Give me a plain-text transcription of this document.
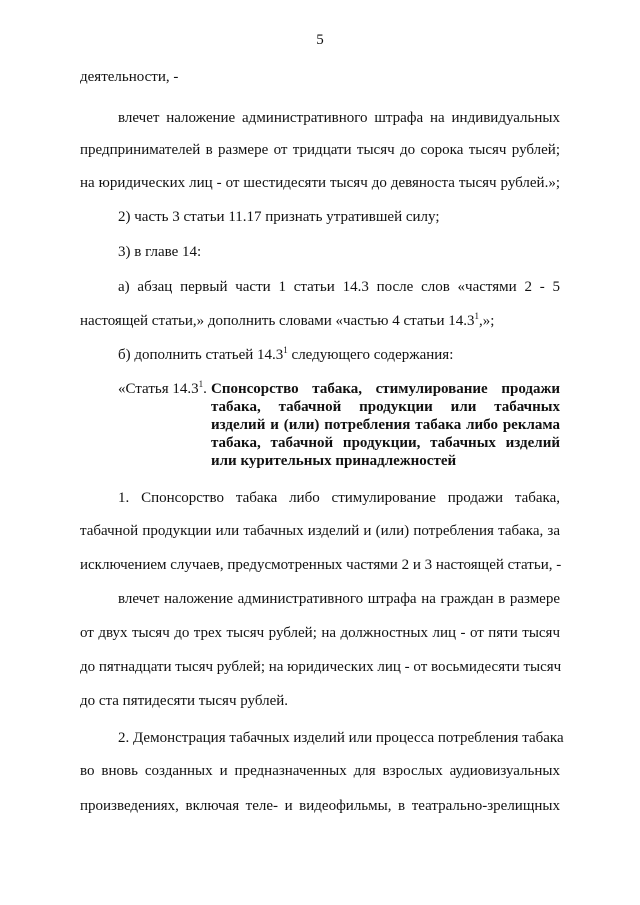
5
деятельности, -
влечет наложение административного штрафа на индивидуальных
предпринимателей в размере от тридцати тысяч до сорока тысяч рублей;
на юридических лиц - от шестидесяти тысяч до девяноста тысяч рублей.»;
2) часть 3 статьи 11.17 признать утратившей силу;
3) в главе 14:
а) абзац первый части 1 статьи 14.3 после слов «частями 2 - 5
настоящей статьи,» дополнить словами «частью 4 статьи 14.3$^1$,»;
б) дополнить статьей 14.3$^1$ следующего содержания:
«Статья 14.3$^1$. Спонсорство табака, стимулирование продажи табака, табачной продукции или табачных изделий и (или) потребления табака либо реклама табака, табачной продукции, табачных изделий или курительных принадлежностей
1. Спонсорство табака либо стимулирование продажи табака,
табачной продукции или табачных изделий и (или) потребления табака, за
исключением случаев, предусмотренных частями 2 и 3 настоящей статьи, -
влечет наложение административного штрафа на граждан в размере
от двух тысяч до трех тысяч рублей; на должностных лиц - от пяти тысяч
до пятнадцати тысяч рублей; на юридических лиц - от восьмидесяти тысяч
до ста пятидесяти тысяч рублей.
2. Демонстрация табачных изделий или процесса потребления табака
во вновь созданных и предназначенных для взрослых аудиовизуальных
произведениях, включая теле- и видеофильмы, в театрально-зрелищных
